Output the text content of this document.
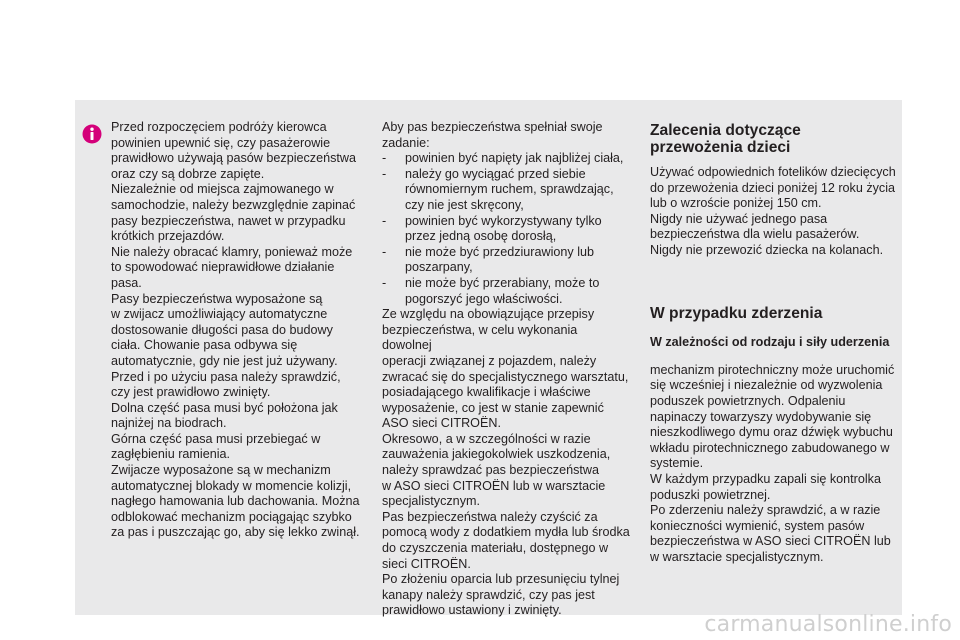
Przed rozpoczęciem podróży kierowca
powinien upewnić się, czy pasażerowie
prawidłowo używają pasów bezpieczeństwa
oraz czy są dobrze zapięte.
Niezależnie od miejsca zajmowanego w
samochodzie, należy bezwzględnie zapinać
pasy bezpieczeństwa, nawet w przypadku
krótkich przejazdów.
Nie należy obracać klamry, ponieważ może
to spowodować nieprawidłowe działanie
pasa.
Pasy bezpieczeństwa wyposażone są
w zwijacz umożliwiający automatyczne
dostosowanie długości pasa do budowy
ciała. Chowanie pasa odbywa się
automatycznie, gdy nie jest już używany.
Przed i po użyciu pasa należy sprawdzić,
czy jest prawidłowo zwinięty.
Dolna część pasa musi być położona jak
najniżej na biodrach.
Górna część pasa musi przebiegać w
zagłębieniu ramienia.
Zwijacze wyposażone są w mechanizm
automatycznej blokady w momencie kolizji,
nagłego hamowania lub dachowania. Można
odblokować mechanizm pociągając szybko
za pas i puszczając go, aby się lekko zwinął.
Aby pas bezpieczeństwa spełniał swoje
zadanie:
- powinien być napięty jak najbliżej ciała,
- należy go wyciągać przed siebie
równomiernym ruchem, sprawdzając,
czy nie jest skręcony,
- powinien być wykorzystywany tylko
przez jedną osobę dorosłą,
- nie może być przedziurawiony lub
poszarpany,
- nie może być przerabiany, może to
pogorszyć jego właściwości.
Ze względu na obowiązujące przepisy
bezpieczeństwa, w celu wykonania dowolnej
operacji związanej z pojazdem, należy
zwracać się do specjalistycznego warsztatu,
posiadającego kwalifikacje i właściwe
wyposażenie, co jest w stanie zapewnić
ASO sieci CITROËN.
Okresowo, a w szczególności w razie
zauważenia jakiegokolwiek uszkodzenia,
należy sprawdzać pas bezpieczeństwa
w ASO sieci CITROËN lub w warsztacie
specjalistycznym.
Pas bezpieczeństwa należy czyścić za
pomocą wody z dodatkiem mydła lub środka
do czyszczenia materiału, dostępnego w
sieci CITROËN.
Po złożeniu oparcia lub przesunięciu tylnej
kanapy należy sprawdzić, czy pas jest
prawidłowo ustawiony i zwinięty.
Zalecenia dotyczące
przewożenia dzieci
Używać odpowiednich fotelików dziecięcych
do przewożenia dzieci poniżej 12 roku życia
lub o wzroście poniżej 150 cm.
Nigdy nie używać jednego pasa
bezpieczeństwa dla wielu pasażerów.
Nigdy nie przewozić dziecka na kolanach.
W przypadku zderzenia

W zależności od rodzaju i siły uderzenia

mechanizm pirotechniczny może uruchomić
się wcześniej i niezależnie od wyzwolenia
poduszek powietrznych. Odpaleniu
napinaczy towarzyszy wydobywanie się
nieszkodliwego dymu oraz dźwięk wybuchu
wkładu pirotechnicznego zabudowanego w
systemie.
W każdym przypadku zapali się kontrolka
poduszki powietrznej.
Po zderzeniu należy sprawdzić, a w razie
konieczności wymienić, system pasów
bezpieczeństwa w ASO sieci CITROËN lub
w warsztacie specjalistycznym.
carmanualsonline.info
